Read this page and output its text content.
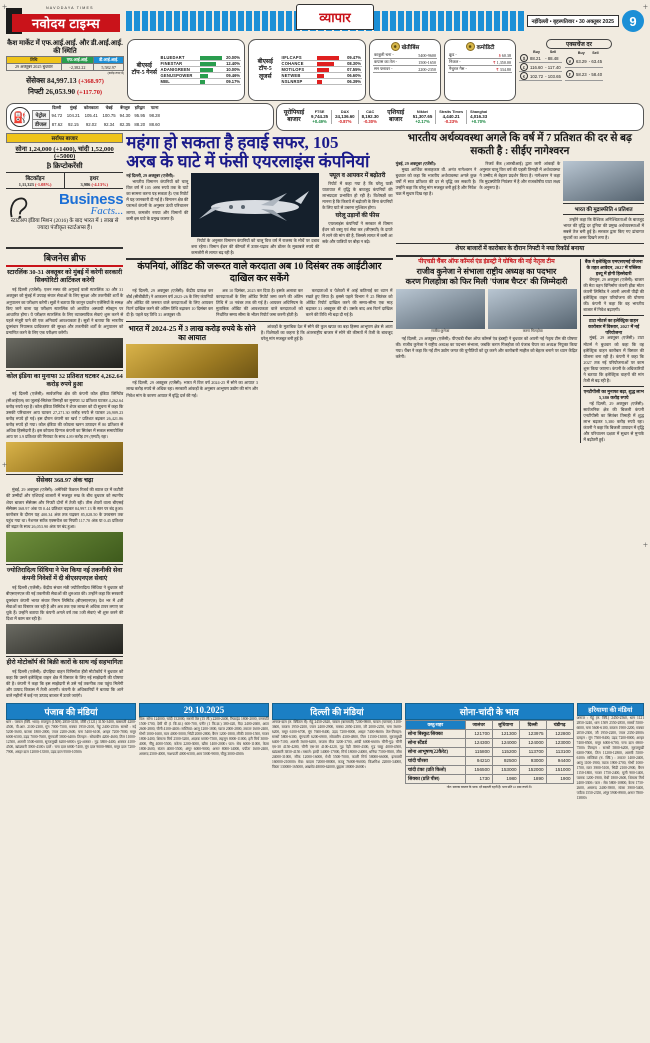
NAVODAYA TIMES
नवोदय टाइम्स	व्यापार	नईदिल्ली • बृहस्पतिवार • 30 अक्तूबर 2025	9
कैश मार्केट में एफ.आई.आई. और डी.आई.आई. की स्थिति
तिथि	एफ.आई.आई.	डी.आई.आई.
29 अक्तूबर 2025 बुधवार	-2,382.22	5,582.97
(करोड़ रुपए में)
सेंसेक्स 84,997.13 (+368.97)
निफ्टी 26,053.90 (+117.70)
बीएसई टॉप-5 गेनर्स
BLUEDART		20.00%
FINESTAR		12.40%
ADANIGREEN		10.00%
GENUSPOWER		09.46%
MBL		09.17%
बीएसई टॉप-5 लूजर्स
IIFLCAPS		09.47%
COHANCE		08.30%
MOTILOFS		07.55%
NETWEB		06.60%
NSLNRSP		06.39%
✹ खेतीबिंस
काबुली चना -	5400-9600
कपास का तेल -	1500-1650
सन फ्लावर -	2200-2350
✹ कमोडिटी
क्रूड -	$ 60.38
निकल -	₹ 1,350.00
नैचुरल गैस -	₹ 334.80
एक्सचेंज दर
	Buy	Sell
$	88.21	- 88.48
£	116.60	- 117.40
€	102.72	- 103.65
	Buy	Sell
¥	63.29	- 63.45
₣	58.23	- 58.40
⛽
	दिल्ली	मुंबई	कोलकाता	चेन्नई	बेंगलुरु	हरिद्वार	पटना
पेट्रोल	94.72	104.21	105.41	100.75	94.30	95.95	98.28
डीजल	87.62	92.15	92.02	92.34	82.35	88.20	88.60
यूरोपियाई बाजार
FTSE
9,744.25
+0.49%
DAX
24,136.60
-0.87%
CAC
8,192.30
-0.30%
एशियाई बाजार
Nikkei
51,307.65
+2.17%
Straits Times
4,440.21
-0.23%
Shanghai
4,016.33
+0.70%
सर्राफा बाजार
सोना 1,24,000 (+1400), चांदी 1,52,000 (+5000)
₿ क्रिप्टोकरेंसी
बिटकॉइन
1,11,323 (-1.08%)
इथर
3,986 (-4.13%)
Business
Facts...
स्टार्टअप इंडिया मिशन (2016) के बाद भारत में 1 लाख से ज्यादा पंजीकृत स्टार्टअप्स हैं।
बिजनेस ब्रीफ
स्टारलिंक 30-31 अक्तूबर को मुंबई में करेगी सरकारी सिक्योरिटी आर्टिकल करेगी
नई दिल्ली (एजेंसी): एलन मस्क की अगुवाई वाली स्टारलिंक 30 और 31 अक्तूबर को मुंबई में उपग्रह संचार सेवाओं के लिए सुरक्षा और तकनीकी शर्तों के अनुपालन का परीक्षण करेगी। सूत्रों ने बताया कि कानून प्रवर्तन एजेंसियों के समक्ष किए जाने वाला यह परीक्षण स्टारलिंक को आवंटित अस्थायी स्पेक्ट्रम पर आधारित होगा। ये परीक्षण स्टारलिंक के लिए व्यावसायिक सेवाएं शुरू करने से पहले मंजूरी पाने की एक अनिवार्य आवश्यकता है। सूत्रों ने बताया कि भारतीय दूरसंचार नियामक प्राधिकरण की सुरक्षा और तकनीकी शर्तों के अनुपालन को प्रमाणित करने के लिए एक परीक्षण करेगी।
कोल इंडिया का मुनाफा 32 प्रतिशत घटकर 4,262.64 करोड़ रुपये हुआ
नई दिल्ली (एजेंसी): सार्वजनिक क्षेत्र की कंपनी कोल इंडिया लिमिटेड (सीआईएल) का जुलाई-सितंबर तिमाही का मुनाफा 32 प्रतिशत घटकर 4,262.64 करोड़ रुपये रहा है। कोल इंडिया लिमिटेड ने शेयर बाजार को दी सूचना में कहा कि उसकी परिचालन आय घटकर 27,271.30 करोड़ रुपये से घटकर 26,909.23 करोड़ रुपये हो गई। इस दौरान कंपनी का खर्च 7 प्रतिशत बढ़कर 26,421.86 करोड़ रुपये हो गया। कोल इंडिया की कोयला खनन उत्पादन में 80 प्रतिशत से अधिक हिस्सेदारी है। इस कोयला दिग्गज कंपनी का सितंबर में सकल समायोजित आय पर 3.9 प्रतिशत की गिरावट के साथ 4.89 करोड़ टन (एमटी) रहा।
सेंसेक्स 368.97 अंक चढ़ा
मुंबई, 29 अक्तूबर (एजेंसी): अमेरिकी फेडरल रिजर्व की ब्याज दर में कटौती की उम्मीदों और एशियाई बाजारों में मजबूत रुख के बीच बुधवार को स्थानीय शेयर बाजार सेंसेक्स और निफ्टी दोनों में तेजी रही। तीस शेयरों वाला बीएसई सेंसेक्स 368.97 अंक या 0.44 प्रतिशत चढ़कर 84,997.13 के स्तर पर बंद हुआ। कारोबार के दौरान यह 400.34 अंक तक चढ़कर 85,028.50 के उच्चस्तर तक पहुंच गया था। नेशनल स्टॉक एक्सचेंज का निफ्टी 117.70 अंक या 0.45 प्रतिशत की बढ़त के साथ 26,053.90 अंक पर बंद हुआ।
ज्योतिरादित्य सिंधिया ने पेश किया नई तकनीकी सेवा कंपनी निवेशों में दी बीएसएनएल सेवाएं
नई दिल्ली (एजेंसी): केंद्रीय संचार मंत्री ज्योतिरादित्य सिंधिया ने बुधवार को बीएसएनएल की नई तकनीकी सेवाओं की शुरुआत की। उन्होंने कहा कि सरकारी दूरसंचार कंपनी भारत संचार निगम लिमिटेड (बीएसएनएल) देश भर में 4जी सेवाओं का विस्तार कर रही है और अब तक एक लाख से अधिक टावर लगाए जा चुके हैं। उन्होंने बताया कि कंपनी अगले वर्ष तक 5जी सेवाएं भी शुरू करने की दिशा में काम कर रही है।
हीरो मोटोकॉर्प की बिक्री कारों के साथ नई सहभागिता
नई दिल्ली (एजेंसी): दोपहिया वाहन विनिर्माता हीरो मोटोकॉर्प ने बुधवार को कहा कि उसने इलेक्ट्रिक वाहन क्षेत्र में विस्तार के लिए नई साझेदारी की घोषणा की है। कंपनी ने कहा कि इस साझेदारी से उसे नई तकनीक तक पहुंच मिलेगी और उत्पाद विकास में तेजी आएगी। कंपनी के अधिकारियों ने बताया कि आने वाले महीनों में कई नए उत्पाद बाजार में उतारे जाएंगे।
महंगा हो सकता है हवाई सफर, 105
अरब के घाटे में फंसी एयरलाइंस कंपनियां
नई दिल्ली, 29 अक्तूबर (एजेंसी):
भारतीय विमानन कंपनियों को चालू वित्त वर्ष में 105 अरब रुपये तक के घाटे का सामना करना पड़ सकता है। एक रिपोर्ट में यह जानकारी दी गई है। विमानन क्षेत्र की परामर्श कंपनी के अनुसार ऊंची परिचालन लागत, कमजोर रुपया और विमानों की कमी इस घाटे के प्रमुख कारण हैं।
रिपोर्ट के अनुसार विमानन कंपनियों को चालू वित्त वर्ष में राजस्व के मोर्चे पर दबाव बना रहेगा। विमान ईंधन की कीमतों में उतार-चढ़ाव और डॉलर के मुकाबले रुपये की कमजोरी से लागत बढ़ रही है।
फ्यूल व आयकर में बढ़ोतरी
रिपोर्ट में कहा गया है कि घरेलू यात्री यातायात में वृद्धि के बावजूद कंपनियों की लाभप्रदता प्रभावित हो रही है। विशेषज्ञों का मानना है कि किराये में बढ़ोतरी के बिना कंपनियों के लिए घाटे से उबरना मुश्किल होगा।
घरेलू उड़ानों की फीस
एयरलाइंस कंपनियों ने सरकार से विमान ईंधन को वस्तु एवं सेवा कर (जीएसटी) के दायरे में लाने की मांग की है, जिससे लागत में कमी आ सके और यात्रियों पर बोझ न बढ़े।
कंपनियां, ऑडिट की जरूरत वाले करदाता अब 10 दिसंबर तक आईटीआर दाखिल कर सकेंगे
नई दिल्ली, 29 अक्तूबर (एजेंसी): केंद्रीय प्रत्यक्ष कर बोर्ड (सीबीडीटी) ने आकलन वर्ष 2025-26 के लिए कंपनियों और ऑडिट की जरूरत वाले करदाताओं के लिए आयकर रिटर्न दाखिल करने की अंतिम तिथि बढ़ाकर 10 दिसंबर कर दी है। पहले यह तिथि 31 अक्तूबर थी।
अब 10 दिसंबर, 2025 कर दिया है। इसके अलावा कर कारदाताओं के लिए ऑडिट रिपोर्ट जमा करने की अंतिम तिथि में 10 नवंबर तक की गई है। आयकर अधिनियम के मुताबिक ऑडिट की आवश्यकता वाले करदाताओं को निर्धारित समय सीमा के भीतर रिपोर्ट जमा करनी होती है।
करदाताओं व पेशेवरों में आई कठिनाई का ध्यान में रखते हुए लिया है। इससे पहले विभाग ने 25 सितंबर को ऑडिट रिपोर्ट दाखिल करने की समय-सीमा एक माह बढ़ाकर 31 अक्तूबर की थी। उसके बाद अब रिटर्न दाखिल करने की तिथि भी बढ़ा दी गई है।
भारत में 2024-25 में 3 लाख करोड़ रुपये के सोने का आयात
नई दिल्ली, 29 अक्तूबर (एजेंसी): भारत में वित्त वर्ष 2024-25 में सोने का आयात 3 लाख करोड़ रुपये से अधिक रहा। सरकारी आंकड़ों के अनुसार आभूषण उद्योग की मांग और निवेश मांग के कारण आयात में वृद्धि दर्ज की गई।
आंकड़ों के मुताबिक देश में सोने की कुल खपत का बड़ा हिस्सा आभूषण क्षेत्र से आता है। विशेषज्ञों का कहना है कि अंतरराष्ट्रीय बाजार में सोने की कीमतों में तेजी के बावजूद घरेलू मांग मजबूत बनी हुई है।
भारतीय अर्थव्यवस्था अगले कि वर्ष में 7 प्रतिशत की दर से बढ़ सकती है : सीईए नागेश्वरन
मुंबई, 29 अक्तूबर (एजेंसी):
मुख्य आर्थिक सलाहकार वी. अनंत नागेश्वरन ने बुधवार को कहा कि भारतीय अर्थव्यवस्था अगले कुछ वर्षों में सात प्रतिशत की दर से वृद्धि कर सकती है। उन्होंने कहा कि घरेलू मांग मजबूत बनी हुई है और निवेश चक्र में सुधार दिख रहा है।
रिजर्व बैंक (आरबीआई) द्वारा जारी आंकड़ों के अनुसार चालू वित्त वर्ष की पहली तिमाही में अर्थव्यवस्था ने उम्मीद से बेहतर प्रदर्शन किया है। नागेश्वरन ने कहा कि मुद्रास्फीति नियंत्रण में है और राजकोषीय घाटा लक्ष्य के अनुरूप है।
भारत की मुद्रास्फीति 4 प्रतिशत
उन्होंने कहा कि वैश्विक अनिश्चितताओं के बावजूद भारत की वृद्धि दर दुनिया की प्रमुख अर्थव्यवस्थाओं में सबसे तेज बनी हुई है। सरकार द्वारा किए गए ढांचागत सुधारों का असर दिखने लगा है।
शेयर बाजारों में कारोबार के दौरान निफ्टी ने नया रिकॉर्ड बनाया
पीएचडी चैंबर ऑफ कॉमर्स एंड इंडस्ट्री ने घोषित की नई नेतृत्व टीम
राजीव कुनेजा ने संभाला राष्ट्रीय अध्यक्ष का पदभार
करण गिलहोत्रा को फिर मिली 'पंजाब चैप्टर' की जिम्मेदारी
राजीव कुनेजा	करण गिलहोत्रा
नई दिल्ली, 29 अक्तूबर (एजेंसी): पीएचडी चैंबर ऑफ कॉमर्स एंड इंडस्ट्री ने बुधवार को अपनी नई नेतृत्व टीम की घोषणा की। राजीव कुनेजा ने राष्ट्रीय अध्यक्ष का पदभार संभाला, जबकि करण गिलहोत्रा को पंजाब चैप्टर का अध्यक्ष नियुक्त किया गया। चैंबर ने कहा कि नई टीम उद्योग जगत की चुनौतियों को दूर करने और कारोबारी माहौल को बेहतर बनाने पर ध्यान केंद्रित करेगी।
बैंक ने इलेक्ट्रिक एमएसएमई योजना के तहत आवेदन, 2027 में पब्लिक इश्यू में होगी हिस्सेदारी
बेंगलुरु, 29 अक्तूबर (एजेंसी): बाजार की मेटा वहन विनिर्माण कंपनी होंडा मोटर कंपनी लिमिटेड ने अपनी अगली पीढ़ी की इलेक्ट्रिक वाहन परियोजना की घोषणा की। कंपनी ने कहा कि वह भारतीय बाजार में निवेश बढ़ाएगी।
टाटा मोटर्स का इलेक्ट्रिक वाहन कारोबार में विस्तार, 2027 में नई परियोजना
मुंबई, 29 अक्तूबर (एजेंसी): टाटा मोटर्स ने बुधवार को कहा कि वह इलेक्ट्रिक वाहन कारोबार में विस्तार की योजना बना रही है। कंपनी ने कहा कि 2027 तक नई परियोजनाओं पर काम शुरू किया जाएगा। कंपनी के अधिकारियों ने बताया कि इलेक्ट्रिक वाहनों की मांग तेजी से बढ़ रही है।
एनटीपीसी का मुनाफा बढ़ा, शुद्ध लाभ 5,380 करोड़ रुपये
नई दिल्ली, 29 अक्तूबर (एजेंसी): सार्वजनिक क्षेत्र की बिजली कंपनी एनटीपीसी का सितंबर तिमाही में शुद्ध लाभ बढ़कर 5,380 करोड़ रुपये रहा। कंपनी ने कहा कि बिजली उत्पादन में वृद्धि और परिचालन दक्षता में सुधार से मुनाफे में बढ़ोतरी हुई।
पंजाब की मंडियां
धान : परमल (क्विं. भाव): राजपुरा (1509) 2850-3150, जीरी (1121) 3150-3400, बासमती 4200-4500, पी.आर. 2100-2300, मूंग 7000-7500, मक्का 1950-2100, गेहूं 2400-2550। सरसों : नई 5200-5600, बाजरा 1800-2000, ज्वार 2200-2600, चना 5400-6100, अरहर 7200-7800, मसूर 6000-6500, उड़द 7000-7600, मूंगफली 5800-6400। तिलहन : सोयाबीन 4200-4600, तिल 11000-12500, अलसी 5500-6000, सूरजमुखी 6200-6800। गुड़-शक्कर : गुड़ 3800-4400, शक्कर 4100-4500, खांडसारी 3900-4300। दालें : चना दाल 6800-7400, मूंग दाल 9000-9800, मसूर दाल 7200-7900, अरहर दाल 12000-13500, उड़द दाल 9500-10500।
29.10.2025
वित्त: सोना 124000, चांदी 152000, सरसों तेल (15 ली.) 2200-2400, रिफाइंड 1800-2000, वनस्पति 1500-1700, देसी घी (1 कि.ग्रा.) 600-700, पनीर (1 कि.ग्रा.) 380-420, मैदा 2400-2600, आटा 2600-2800, चीनी 4100-4400। सब्जियां: आलू 1200-1800, प्याज 2000-2800, टमाटर 1600-2400, गोभी 1000-1600, मटर 4000-5000, भिंडी 2000-2800, बैंगन 1200-1800, लौकी 1000-1500, गाजर 1800-2400, शिमला मिर्च 2500-3200, अदरक 6000-7500, लहसुन 8000-11000, हरी मिर्च 3000-4000, नींबू 4000-5500, करेला 2200-3000, खीरा 1400-2000। फल: सेब 6000-11000, केला 1800-2600, संतरा 4000-5500, अंगूर 6000-9000, अनार 8000-14000, पपीता 1600-2400, अमरूद 2500-4000, नाशपाती 4000-6500, आम 5000-9000, चीकू 3000-4500।
दिल्ली की मंडियां
अनाज-दाल (रु. क्विंटल में): गेहूं 2450-2620, चावल (बासमती) 7200-9800, चावल (परमल) 3100-3600, बाजरा 1950-2200, ज्वार 2400-2900, मक्का 2050-2300, जौ 2000-2250, चना 5600-6200, मसूर 6100-6700, मूंग 7600-8400, उड़द 7200-8000, अरहर 7400-8600। तेल-तिलहन: सरसों 5800-6300, मूंगफली 6200-6900, सोयाबीन 4300-4800, तिल 11500-13000, सूरजमुखी 6400-7100, अलसी 5600-6200, कपास बीज 3200-3700, अरंडी 6000-6600। चीनी-गुड़: चीनी एम-30 4150-4280, चीनी एस-30 4100-4220, गुड़ पेड़ी 3900-4300, गुड़ चाकू 4000-4500, खांडसारी 3850-4150। मसाले: हल्दी 14000-17000, मिर्च 18000-24000, धनिया 7500-9500, जीरा 24000-31000, सौंफ 12000-16000, मेथी 5500-7000, काली मिर्च 58000-66000, इलायची 160000-210000। मेवा: बादाम 72000-88000, काजू 76000-96000, किशमिश 22000-34000, पिस्ता 130000-165000, अखरोट 48000-62000, छुहारा 18000-26000।
सोना-चांदी के भाव
वस्तु/शहर	जालंधर	लुधियाना	दिल्ली	चंडीगढ़
सोना बिस्कुट/सिक्का	121700	121300	123975	122800
सोना स्टैंडर्ड	124300	124000	124000	123000
सोना आभूषण(22कैरेट)	115800	115200	113700	113100
चांदी चौरसा	94210	92500	93000	94400
चांदी टंका (प्रति किलो)	156500	153000	152000	151000
सिक्का (प्रति पीस)	1730	1980	1890	1900
नोट: सराफा बाजार के भाव। दरें बदलती रहती हैं। भाव प्रति 10 ग्राम रुपये में।
हरियाणा की मंडियां
अनाज : गेहूं (रु. क्विं.) 2450-2560, धान 1121 2850-3240, धान 1509 2550-2850, सरसों 5500-6000, चना 5600-6100, बाजरा 1900-2200, मक्का 2050-2300, जौ 1950-2200, ज्वार 2350-2800। दलहन : मूंग 7500-8400, उड़द 7200-8000, अरहर 7400-8500, मसूर 6000-6700, चना दाल 6900-7500। तिलहन : सरसों 5800-6200, सूरजमुखी 6300-7000, तिल 11200-12800, अलसी 5500-6100। सब्जियां (रु. क्विं.) : टमाटर 1400-2400, आलू 1100-1900, प्याज 1900-2700, गोभी 1000-1700, मटर 3900-5100, भिंडी 2100-2900, बैंगन 1150-1800, गाजर 1750-2400, मूली 900-1400, पालक 1200-1900, मेथी 1800-2600, शिमला मिर्च 2400-3300। फल : सेब 5800-10800, केला 1750-2600, अमरूद 2400-3900, संतरा 3900-5400, पपीता 1550-2350, अंगूर 5900-8900, अनार 7800-13800।
+	+
+
+
